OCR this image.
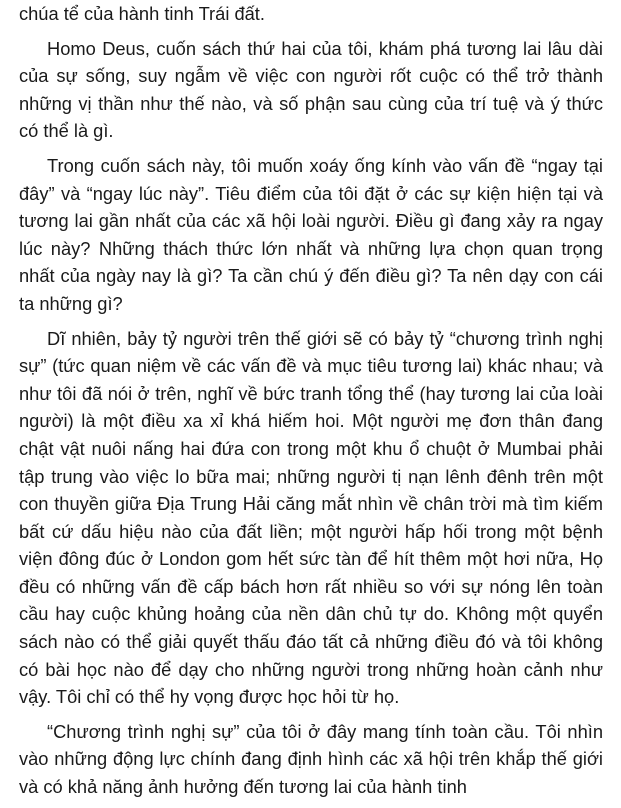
chúa tể của hành tinh Trái đất.

Homo Deus, cuốn sách thứ hai của tôi, khám phá tương lai lâu dài của sự sống, suy ngẫm về việc con người rốt cuộc có thể trở thành những vị thần như thế nào, và số phận sau cùng của trí tuệ và ý thức có thể là gì.

Trong cuốn sách này, tôi muốn xoáy ống kính vào vấn đề “ngay tại đây” và “ngay lúc này”. Tiêu điểm của tôi đặt ở các sự kiện hiện tại và tương lai gần nhất của các xã hội loài người. Điều gì đang xảy ra ngay lúc này? Những thách thức lớn nhất và những lựa chọn quan trọng nhất của ngày nay là gì? Ta cần chú ý đến điều gì? Ta nên dạy con cái ta những gì?

Dĩ nhiên, bảy tỷ người trên thế giới sẽ có bảy tỷ “chương trình nghị sự” (tức quan niệm về các vấn đề và mục tiêu tương lai) khác nhau; và như tôi đã nói ở trên, nghĩ về bức tranh tổng thể (hay tương lai của loài người) là một điều xa xỉ khá hiếm hoi. Một người mẹ đơn thân đang chật vật nuôi nấng hai đứa con trong một khu ổ chuột ở Mumbai phải tập trung vào việc lo bữa mai; những người tị nạn lênh đênh trên một con thuyền giữa Địa Trung Hải căng mắt nhìn về chân trời mà tìm kiếm bất cứ dấu hiệu nào của đất liền; một người hấp hối trong một bệnh viện đông đúc ở London gom hết sức tàn để hít thêm một hơi nữa, Họ đều có những vấn đề cấp bách hơn rất nhiều so với sự nóng lên toàn cầu hay cuộc khủng hoảng của nền dân chủ tự do. Không một quyển sách nào có thể giải quyết thấu đáo tất cả những điều đó và tôi không có bài học nào để dạy cho những người trong những hoàn cảnh như vậy. Tôi chỉ có thể hy vọng được học hỏi từ họ.

“Chương trình nghị sự” của tôi ở đây mang tính toàn cầu. Tôi nhìn vào những động lực chính đang định hình các xã hội trên khắp thế giới và có khả năng ảnh hưởng đến tương lai của hành tinh
